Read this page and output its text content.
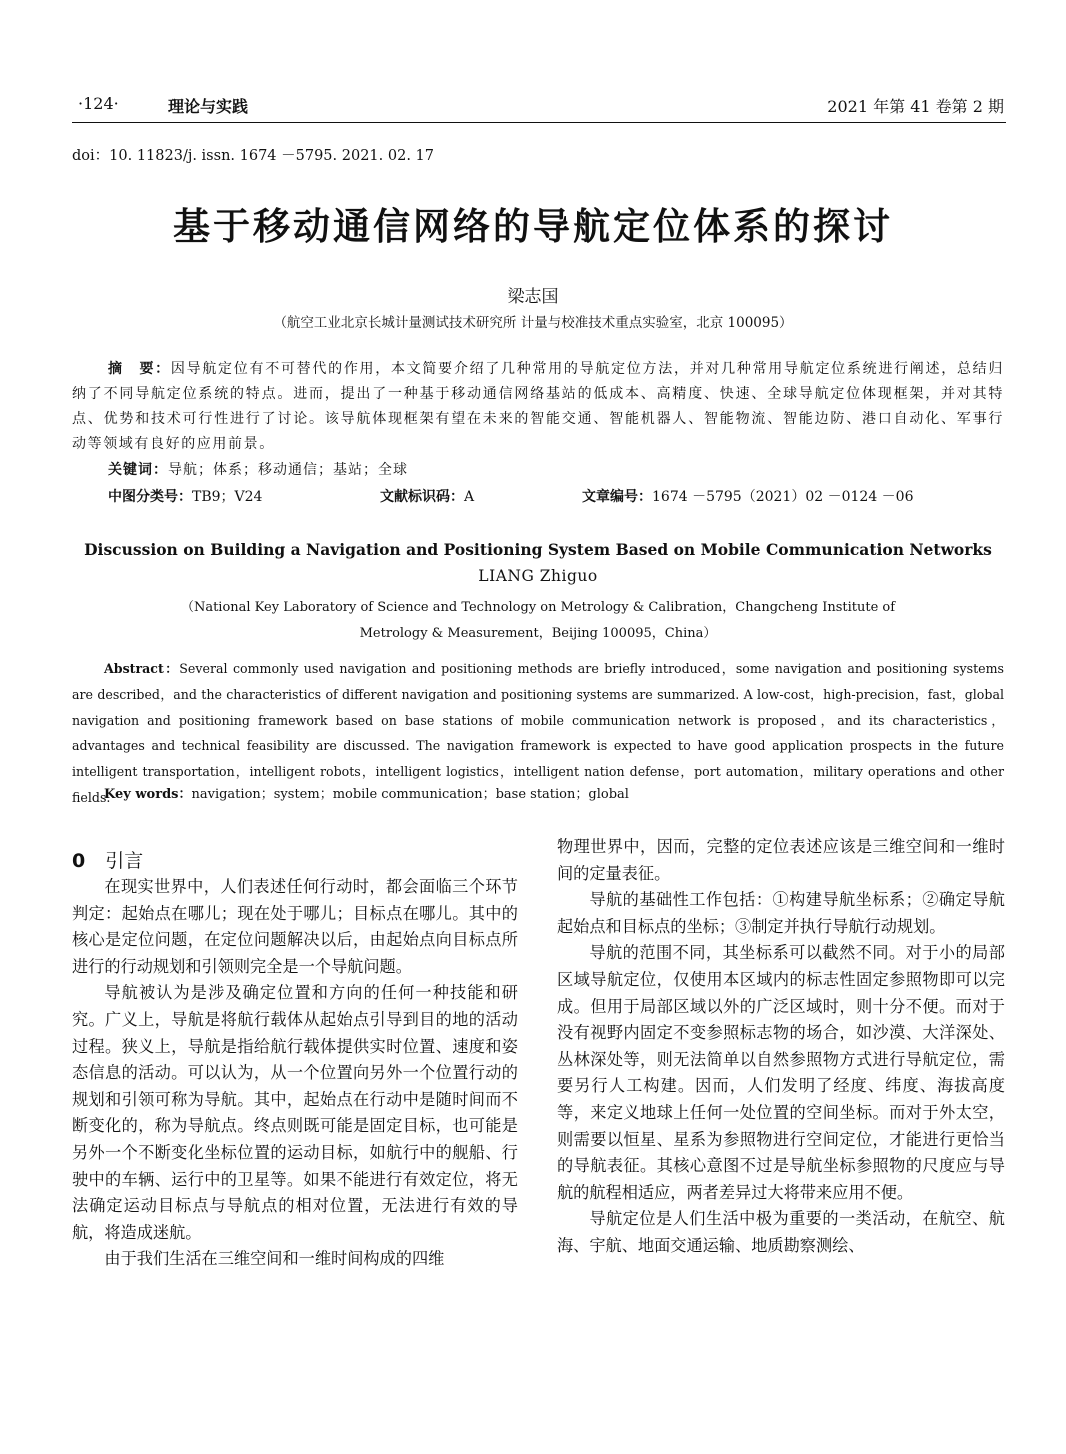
·124·	理论与实践	2021 年第 41 卷第 2 期
doi：10. 11823/j. issn. 1674 －5795. 2021. 02. 17
基于移动通信网络的导航定位体系的探讨
梁志国
（航空工业北京长城计量测试技术研究所 计量与校准技术重点实验室，北京 100095）
摘　要：因导航定位有不可替代的作用，本文简要介绍了几种常用的导航定位方法，并对几种常用导航定位系统进行阐述，总结归纳了不同导航定位系统的特点。进而，提出了一种基于移动通信网络基站的低成本、高精度、快速、全球导航定位体现框架，并对其特点、优势和技术可行性进行了讨论。该导航体现框架有望在未来的智能交通、智能机器人、智能物流、智能边防、港口自动化、军事行动等领域有良好的应用前景。
关键词：导航；体系；移动通信；基站；全球
中图分类号：TB9；V24	文献标识码：A	文章编号：1674 －5795（2021）02 －0124 －06
Discussion on Building a Navigation and Positioning System Based on Mobile Communication Networks
LIANG Zhiguo
（National Key Laboratory of Science and Technology on Metrology & Calibration，Changcheng Institute of
Metrology & Measurement，Beijing 100095，China）
Abstract：Several commonly used navigation and positioning methods are briefly introduced，some navigation and positioning systems are described，and the characteristics of different navigation and positioning systems are summarized. A low-cost，high-precision，fast，global navigation and positioning framework based on base stations of mobile communication network is proposed，and its characteristics，advantages and technical feasibility are discussed. The navigation framework is expected to have good application prospects in the future intelligent transportation，intelligent robots，intelligent logistics，intelligent nation defense，port automation，military operations and other fields.
Key words：navigation；system；mobile communication；base station；global
0 引言

在现实世界中，人们表述任何行动时，都会面临三个环节判定：起始点在哪儿；现在处于哪儿；目标点在哪儿。其中的核心是定位问题，在定位问题解决以后，由起始点向目标点所进行的行动规划和引领则完全是一个导航问题。

导航被认为是涉及确定位置和方向的任何一种技能和研究。广义上，导航是将航行载体从起始点引导到目的地的活动过程。狭义上，导航是指给航行载体提供实时位置、速度和姿态信息的活动。可以认为，从一个位置向另外一个位置行动的规划和引领可称为导航。其中，起始点在行动中是随时间而不断变化的，称为导航点。终点则既可能是固定目标，也可能是另外一个不断变化坐标位置的运动目标，如航行中的舰船、行驶中的车辆、运行中的卫星等。如果不能进行有效定位，将无法确定运动目标点与导航点的相对位置，无法进行有效的导航，将造成迷航。

由于我们生活在三维空间和一维时间构成的四维

物理世界中，因而，完整的定位表述应该是三维空间和一维时间的定量表征。

导航的基础性工作包括：①构建导航坐标系；②确定导航起始点和目标点的坐标；③制定并执行导航行动规划。

导航的范围不同，其坐标系可以截然不同。对于小的局部区域导航定位，仅使用本区域内的标志性固定参照物即可以完成。但用于局部区域以外的广泛区域时，则十分不便。而对于没有视野内固定不变参照标志物的场合，如沙漠、大洋深处、丛林深处等，则无法简单以自然参照物方式进行导航定位，需要另行人工构建。因而，人们发明了经度、纬度、海拔高度等，来定义地球上任何一处位置的空间坐标。而对于外太空，则需要以恒星、星系为参照物进行空间定位，才能进行更恰当的导航表征。其核心意图不过是导航坐标参照物的尺度应与导航的航程相适应，两者差异过大将带来应用不便。

导航定位是人们生活中极为重要的一类活动，在航空、航海、宇航、地面交通运输、地质勘察测绘、
